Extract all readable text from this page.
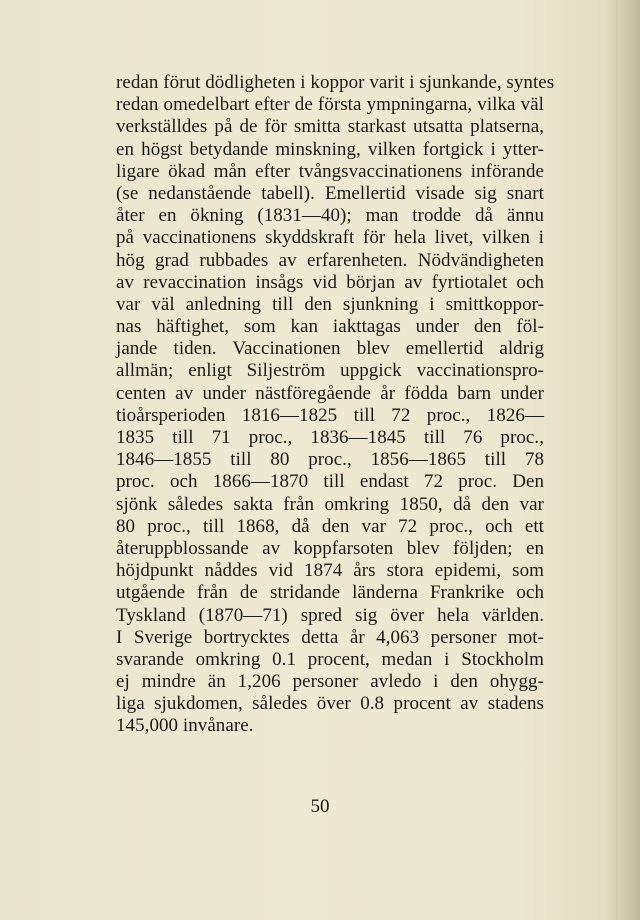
redan förut dödligheten i koppor varit i sjunkande, syntes
redan omedelbart efter de första ympningarna, vilka väl
verkställdes på de för smitta starkast utsatta platserna,
en högst betydande minskning, vilken fortgick i ytter-
ligare ökad mån efter tvångsvaccinationens införande
(se nedanstående tabell). Emellertid visade sig snart
åter en ökning (1831—40); man trodde då ännu
på vaccinationens skyddskraft för hela livet, vilken i
hög grad rubbades av erfarenheten. Nödvändigheten
av revaccination insågs vid början av fyrtiotalet och
var väl anledning till den sjunkning i smittkoppor-
nas häftighet, som kan iakttagas under den föl-
jande tiden. Vaccinationen blev emellertid aldrig
allmän; enligt Siljeström uppgick vaccinationspro-
centen av under nästföregående år födda barn under
tioårsperioden 1816—1825 till 72 proc., 1826—
1835 till 71 proc., 1836—1845 till 76 proc.,
1846—1855 till 80 proc., 1856—1865 till 78
proc. och 1866—1870 till endast 72 proc. Den
sjönk således sakta från omkring 1850, då den var
80 proc., till 1868, då den var 72 proc., och ett
återuppblossande av koppfarsoten blev följden; en
höjdpunkt nåddes vid 1874 års stora epidemi, som
utgående från de stridande länderna Frankrike och
Tyskland (1870—71) spred sig över hela världen.
I Sverige bortrycktes detta år 4,063 personer mot-
svarande omkring 0.1 procent, medan i Stockholm
ej mindre än 1,206 personer avledo i den ohygg-
liga sjukdomen, således över 0.8 procent av stadens
145,000 invånare.
50
